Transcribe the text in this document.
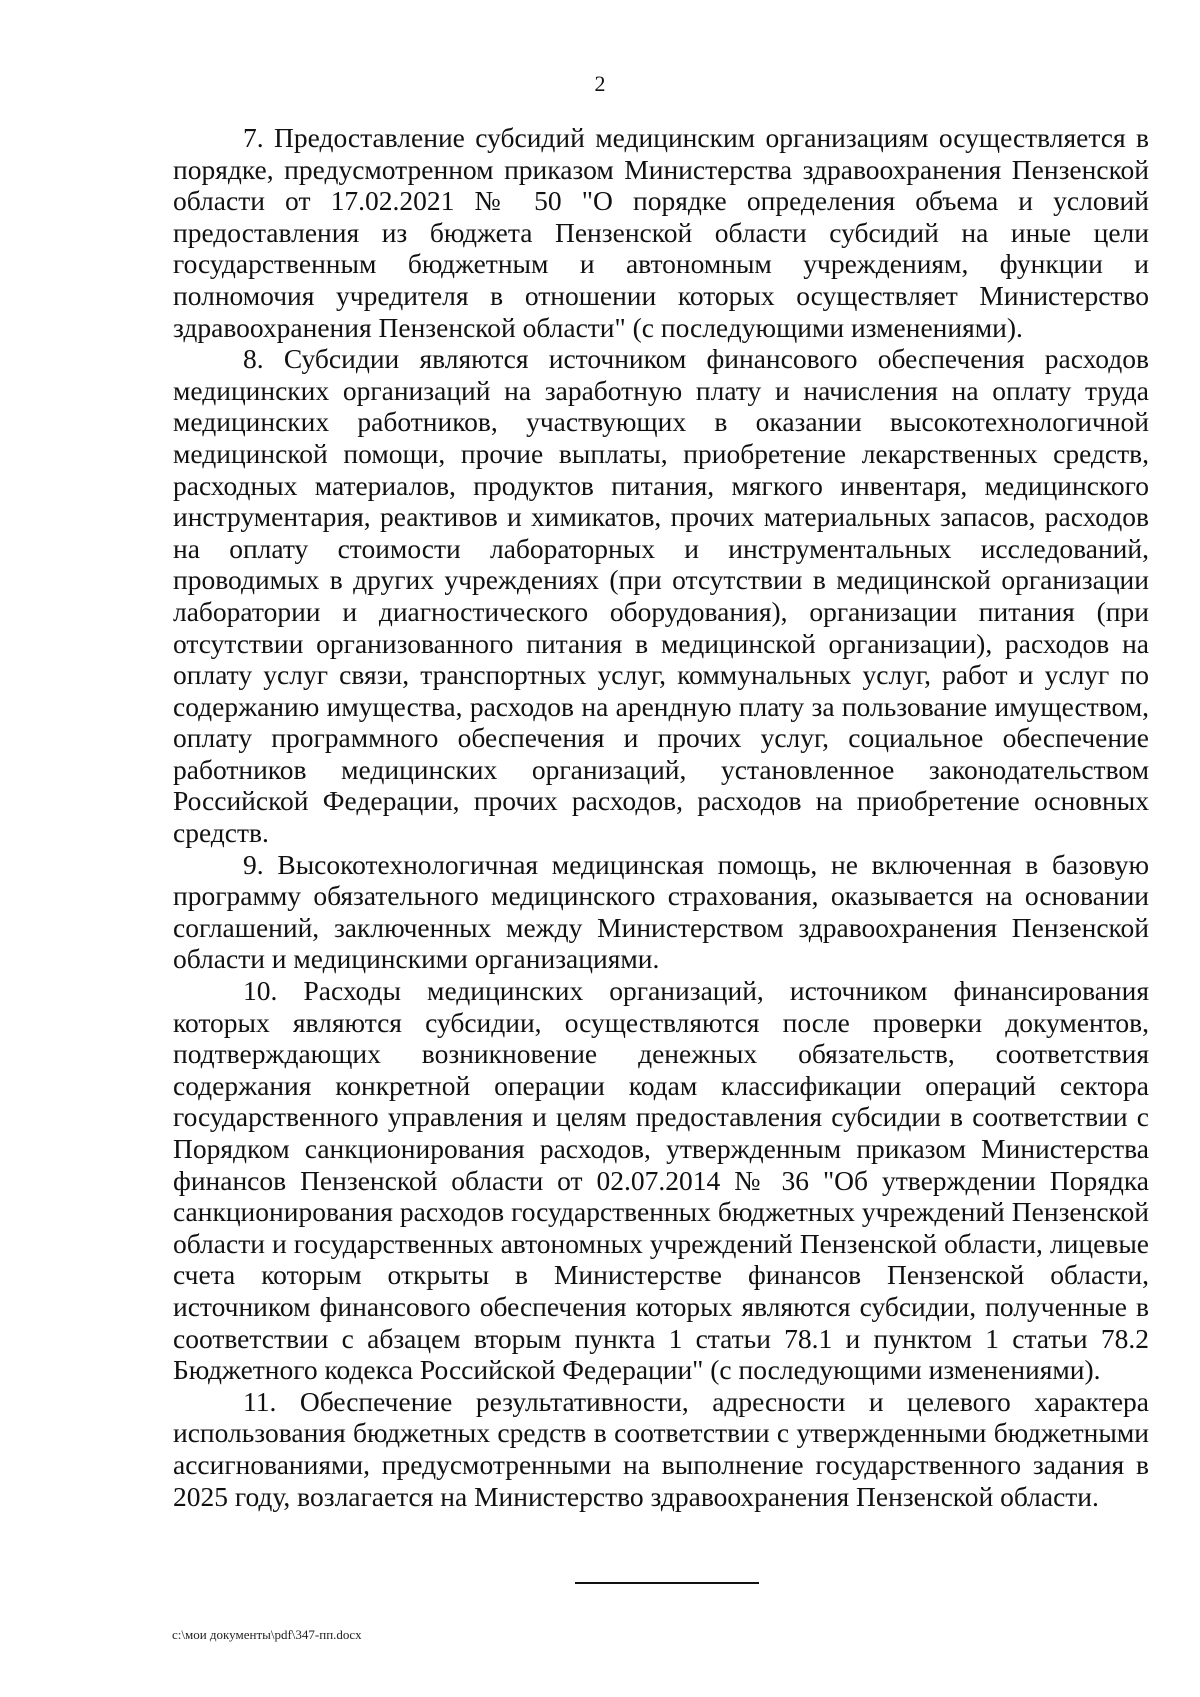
2

7. Предоставление субсидий медицинским организациям осуществляется в порядке, предусмотренном приказом Министерства здравоохранения Пензенской области от 17.02.2021 № 50 "О порядке определения объема и условий предоставления из бюджета Пензенской области субсидий на иные цели государственным бюджетным и автономным учреждениям, функции и полномочия учредителя в отношении которых осуществляет Министерство здравоохранения Пензенской области" (с последующими изменениями).

8. Субсидии являются источником финансового обеспечения расходов медицинских организаций на заработную плату и начисления на оплату труда медицинских работников, участвующих в оказании высокотехнологичной медицинской помощи, прочие выплаты, приобретение лекарственных средств, расходных материалов, продуктов питания, мягкого инвентаря, медицинского инструментария, реактивов и химикатов, прочих материальных запасов, расходов на оплату стоимости лабораторных и инструментальных исследований, проводимых в других учреждениях (при отсутствии в медицинской организации лаборатории и диагностического оборудования), организации питания (при отсутствии организованного питания в медицинской организации), расходов на оплату услуг связи, транспортных услуг, коммунальных услуг, работ и услуг по содержанию имущества, расходов на арендную плату за пользование имуществом, оплату программного обеспечения и прочих услуг, социальное обеспечение работников медицинских организаций, установленное законодательством Российской Федерации, прочих расходов, расходов на приобретение основных средств.

9. Высокотехнологичная медицинская помощь, не включенная в базовую программу обязательного медицинского страхования, оказывается на основании соглашений, заключенных между Министерством здравоохранения Пензенской области и медицинскими организациями.

10. Расходы медицинских организаций, источником финансирования которых являются субсидии, осуществляются после проверки документов, подтверждающих возникновение денежных обязательств, соответствия содержания конкретной операции кодам классификации операций сектора государственного управления и целям предоставления субсидии в соответствии с Порядком санкционирования расходов, утвержденным приказом Министерства финансов Пензенской области от 02.07.2014 № 36 "Об утверждении Порядка санкционирования расходов государственных бюджетных учреждений Пензенской области и государственных автономных учреждений Пензенской области, лицевые счета которым открыты в Министерстве финансов Пензенской области, источником финансового обеспечения которых являются субсидии, полученные в соответствии с абзацем вторым пункта 1 статьи 78.1 и пунктом 1 статьи 78.2 Бюджетного кодекса Российской Федерации" (с последующими изменениями).

11. Обеспечение результативности, адресности и целевого характера использования бюджетных средств в соответствии с утвержденными бюджетными ассигнованиями, предусмотренными на выполнение государственного задания в 2025 году, возлагается на Министерство здравоохранения Пензенской области.

c:\мои документы\pdf\347-пп.docx
